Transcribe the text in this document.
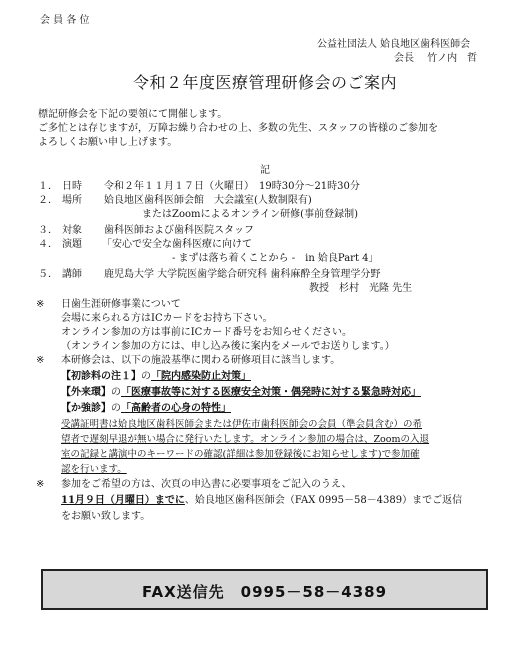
会 員 各 位
公益社団法人 姶良地区歯科医師会
会長　 竹ノ内　哲
令和２年度医療管理研修会のご案内
標記研修会を下記の要領にて開催します。
ご多忙とは存じますが，万障お繰り合わせの上、多数の先生、スタッフの皆様のご参加を
よろしくお願い申し上げます。
記
１． 日時 令和２年１１月１７日（火曜日）　19時30分～21時30分
２． 場所 姶良地区歯科医師会館　大会議室(人数制限有)
またはZoomによるオンライン研修(事前登録制)
３． 対象 歯科医師および歯科医院スタッフ
４． 演題 「安心で安全な歯科医療に向けて
- まずは落ち着くことから -　in 姶良Part 4」
５． 講師 鹿児島大学 大学院医歯学総合研究科 歯科麻酔全身管理学分野
教授　杉村　光隆 先生
※ 日歯生涯研修事業について
会場に来られる方はICカードをお持ち下さい。
オンライン参加の方は事前にICカード番号をお知らせください。
（オンライン参加の方には、申し込み後に案内をメールでお送りします。）
※ 本研修会は、以下の施設基準に関わる研修項目に該当します。
【初診料の注１】の「院内感染防止対策」
【外来環】の「医療事故等に対する医療安全対策・偶発時に対する緊急時対応」
【か強診】の「高齢者の心身の特性」
受講証明書は姶良地区歯科医師会または伊佐市歯科医師会の会員（準会員含む）の希
望者で遅刻早退が無い場合に発行いたします。オンライン参加の場合は、Zoomの入退
室の記録と講演中のキーワードの確認(詳細は参加登録後にお知らせします)で参加確
認を行います。
※ 参加をご希望の方は、次頁の申込書に必要事項をご記入のうえ、
11月９日（月曜日）までに、姶良地区歯科医師会（FAX 0995－58－4389）までご返信
をお願い致します。
FAX送信先　0995－58－4389
